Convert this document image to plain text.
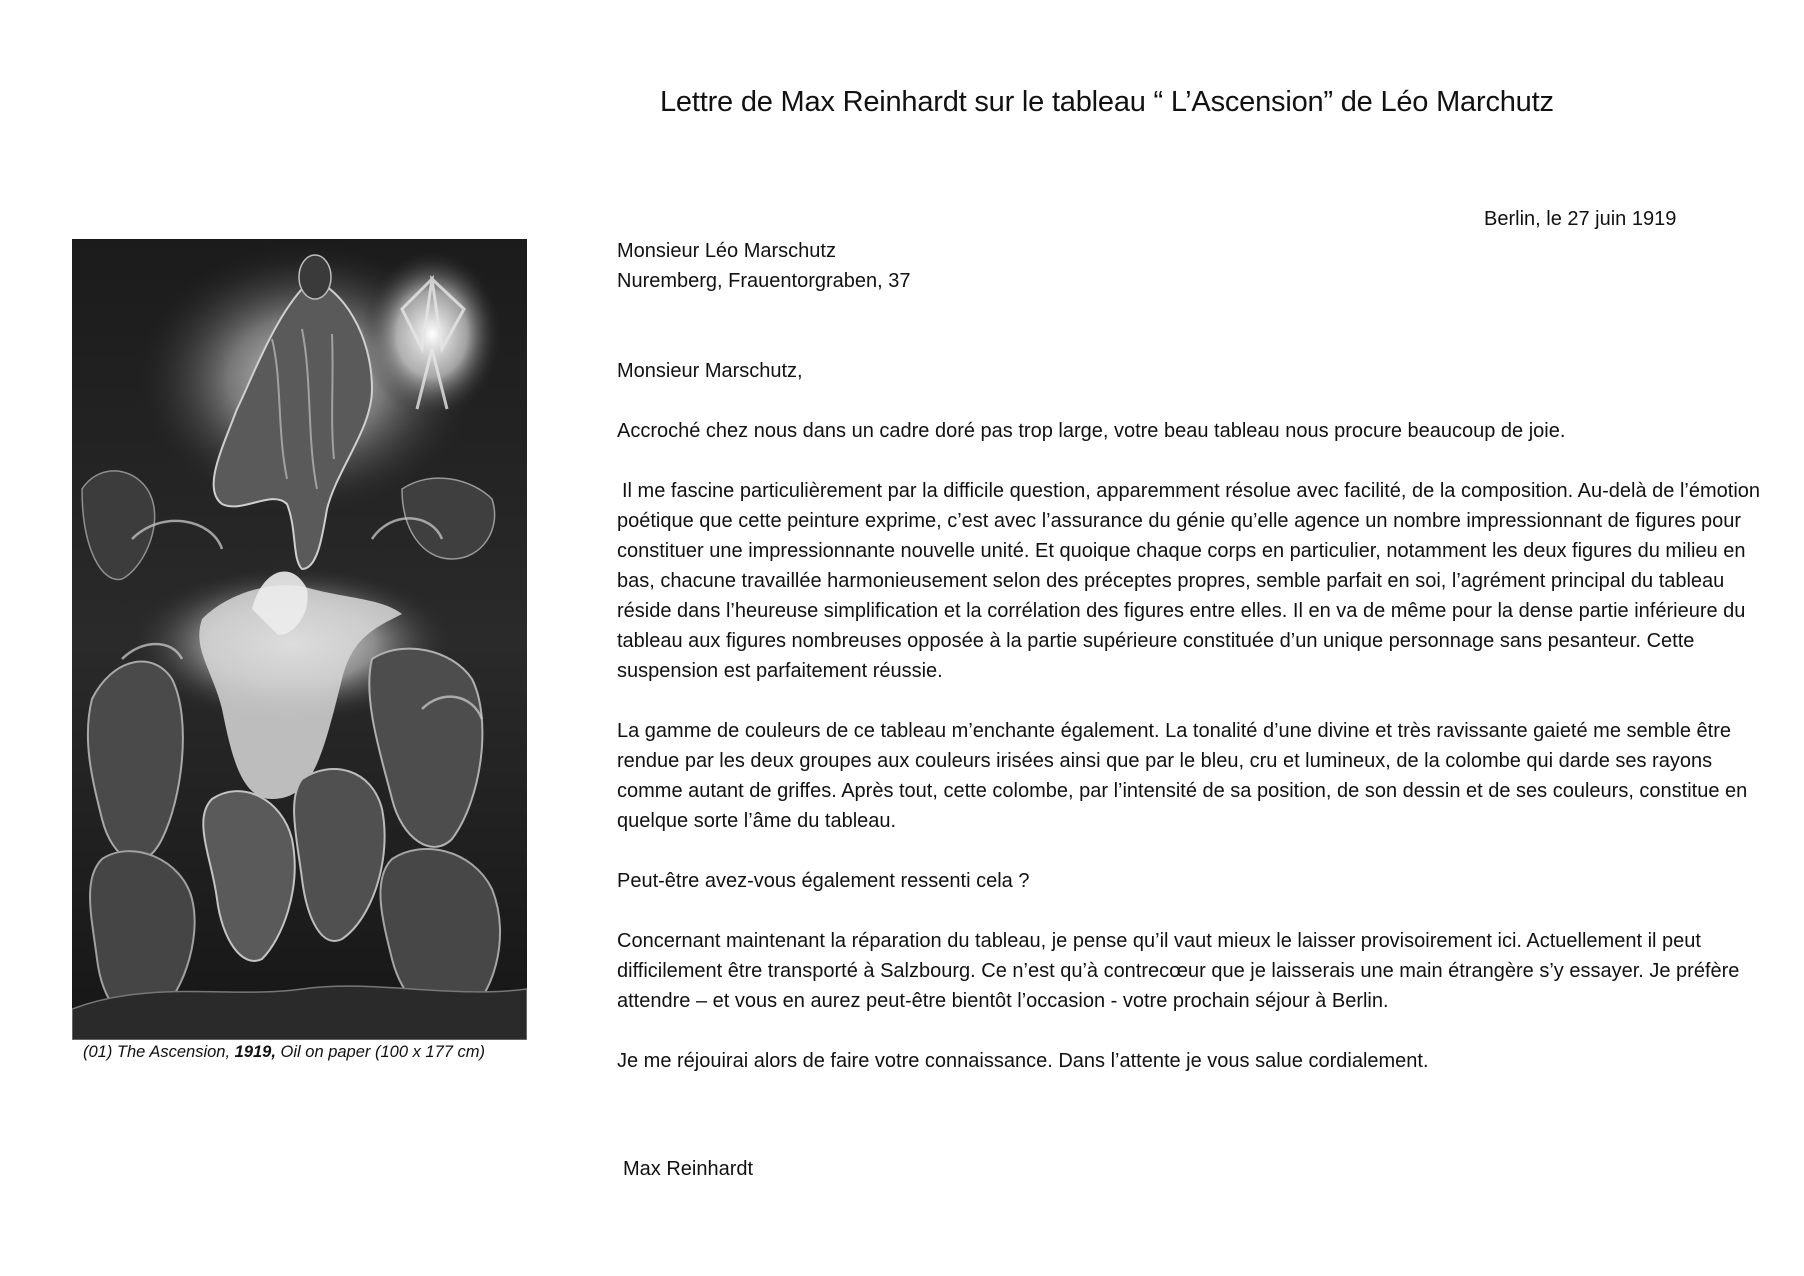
Lettre de Max Reinhardt sur le tableau “ L’Ascension” de Léo Marchutz
Berlin, le 27 juin 1919
Monsieur Léo Marschutz
Nuremberg, Frauentorgraben, 37

Monsieur Marschutz,

Accroché chez nous dans un cadre doré pas trop large, votre beau tableau nous procure beaucoup de joie.

Il me fascine particulièrement par la difficile question, apparemment résolue avec facilité, de la composition. Au-delà de l’émotion poétique que cette peinture exprime, c’est avec l’assurance du génie qu’elle agence un nombre impressionnant de figures pour constituer une impressionnante nouvelle unité. Et quoique chaque corps en particulier, notamment les deux figures du milieu en bas, chacune travaillée harmonieusement selon des préceptes propres, semble parfait en soi, l’agrément principal du tableau réside dans l’heureuse simplification et la corrélation des figures entre elles. Il en va de même pour la dense partie inférieure du tableau aux figures nombreuses opposée à la partie supérieure constituée d’un unique personnage sans pesanteur. Cette suspension est parfaitement réussie.

La gamme de couleurs de ce tableau m’enchante également. La tonalité d’une divine et très ravissante gaieté me semble être rendue par les deux groupes aux couleurs irisées ainsi que par le bleu, cru et lumineux, de la colombe qui darde ses rayons comme autant de griffes. Après tout, cette colombe, par l’intensité de sa position, de son dessin et de ses couleurs, constitue en quelque sorte l’âme du tableau.

Peut-être avez-vous également ressenti cela ?

Concernant maintenant la réparation du tableau, je pense qu’il vaut mieux le laisser provisoirement ici. Actuellement il peut difficilement être transporté à Salzbourg. Ce n’est qu’à contrecœur que je laisserais une main étrangère s’y essayer. Je préfère attendre – et vous en aurez peut-être bientôt l’occasion - votre prochain séjour à Berlin.

Je me réjouirai alors de faire votre connaissance. Dans l’attente je vous salue cordialement.

Max Reinhardt
(01) The Ascension, 1919, Oil on paper (100 x 177 cm)
